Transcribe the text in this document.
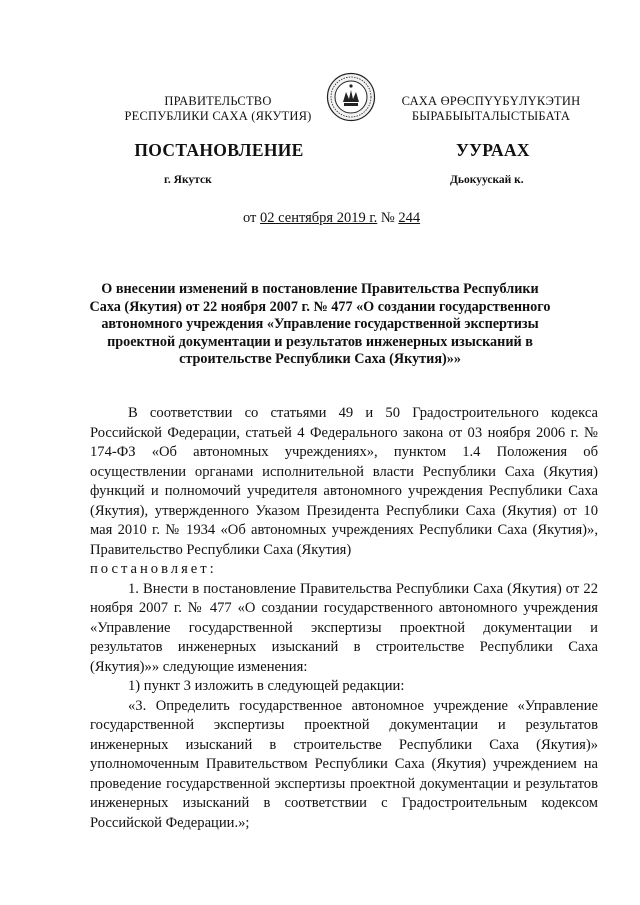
ПРАВИТЕЛЬСТВО
РЕСПУБЛИКИ САХА (ЯКУТИЯ)
САХА ӨРӨСПҮҮБҮЛҮКЭТИН
БЫРАБЫЫТАЛЫСТЫБАТА
ПОСТАНОВЛЕНИЕ	УУРААХ
г. Якутск	Дьокуускай к.
от 02 сентября 2019 г. № 244
О внесении изменений в постановление Правительства Республики Саха (Якутия) от 22 ноября 2007 г. № 477 «О создании государственного автономного учреждения «Управление государственной экспертизы проектной документации и результатов инженерных изысканий в строительстве Республики Саха (Якутия)»»

В соответствии со статьями 49 и 50 Градостроительного кодекса Российской Федерации, статьей 4 Федерального закона от 03 ноября 2006 г. № 174-ФЗ «Об автономных учреждениях», пунктом 1.4 Положения об осуществлении органами исполнительной власти Республики Саха (Якутия) функций и полномочий учредителя автономного учреждения Республики Саха (Якутия), утвержденного Указом Президента Республики Саха (Якутия) от 10 мая 2010 г. № 1934 «Об автономных учреждениях Республики Саха (Якутия)», Правительство Республики Саха (Якутия)

постановляет:

1. Внести в постановление Правительства Республики Саха (Якутия) от 22 ноября 2007 г. № 477 «О создании государственного автономного учреждения «Управление государственной экспертизы проектной документации и результатов инженерных изысканий в строительстве Республики Саха (Якутия)»» следующие изменения:

1) пункт 3 изложить в следующей редакции:

«3. Определить государственное автономное учреждение «Управление государственной экспертизы проектной документации и результатов инженерных изысканий в строительстве Республики Саха (Якутия)» уполномоченным Правительством Республики Саха (Якутия) учреждением на проведение государственной экспертизы проектной документации и результатов инженерных изысканий в соответствии с Градостроительным кодексом Российской Федерации.»;
